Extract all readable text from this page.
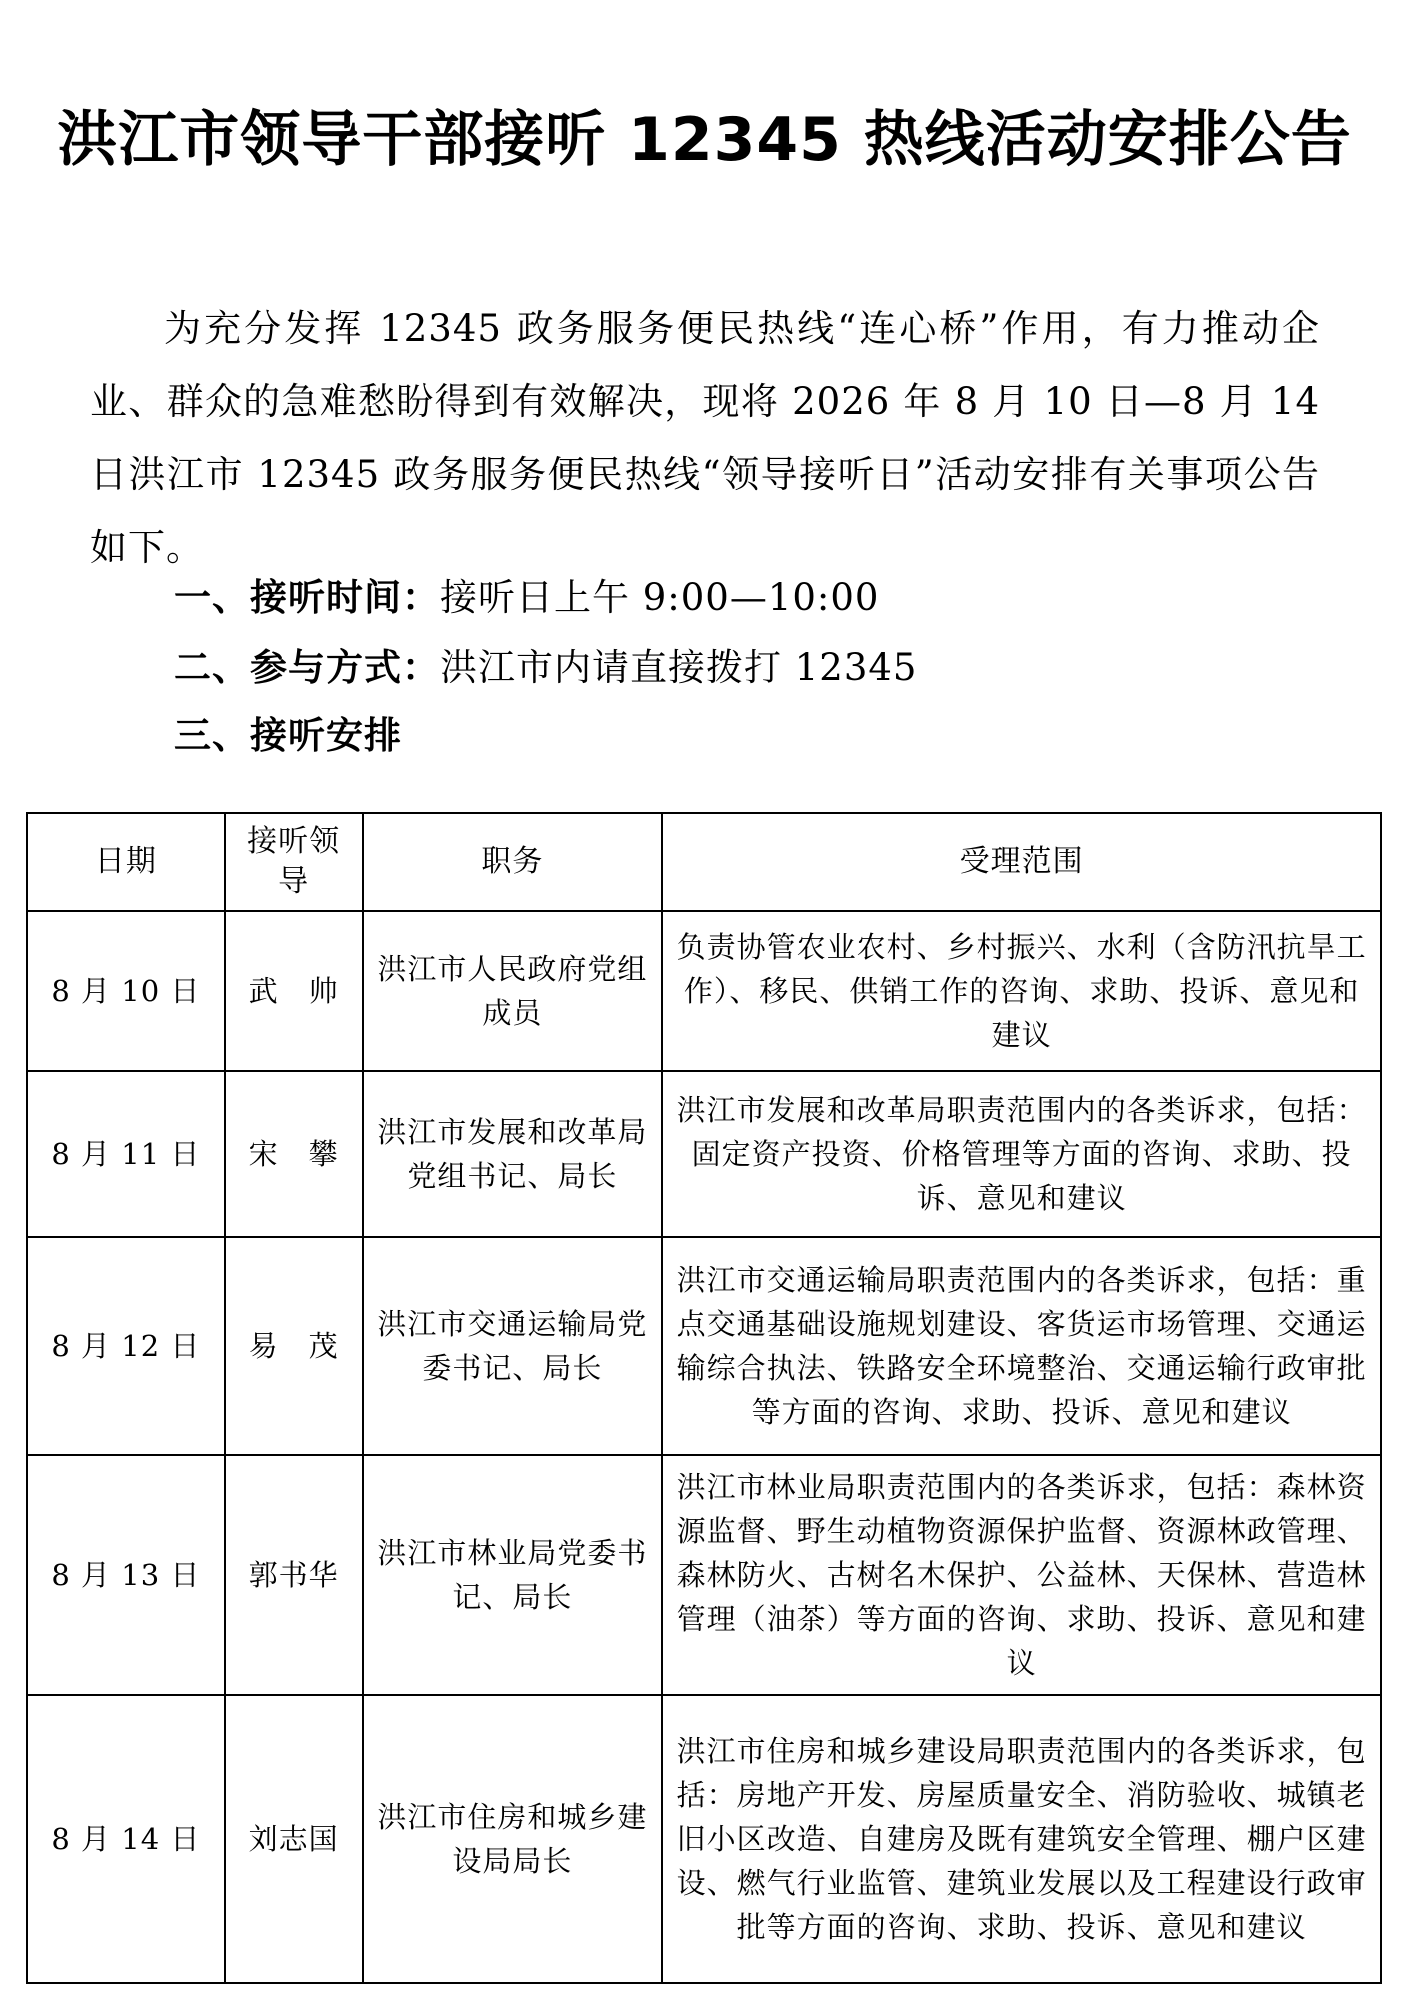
洪江市领导干部接听 12345 热线活动安排公告

为充分发挥 12345 政务服务便民热线“连心桥”作用，有力推动企业、群众的急难愁盼得到有效解决，现将 2026 年 8 月 10 日—8 月 14 日洪江市 12345 政务服务便民热线“领导接听日”活动安排有关事项公告如下。

一、接听时间：接听日上午 9:00—10:00
二、参与方式：洪江市内请直接拨打 12345
三、接听安排
日期	接听领导	职务	受理范围
8 月 10 日	武　帅	洪江市人民政府党组成员	负责协管农业农村、乡村振兴、水利（含防汛抗旱工作）、移民、供销工作的咨询、求助、投诉、意见和建议
8 月 11 日	宋　攀	洪江市发展和改革局党组书记、局长	洪江市发展和改革局职责范围内的各类诉求，包括：固定资产投资、价格管理等方面的咨询、求助、投诉、意见和建议
8 月 12 日	易　茂	洪江市交通运输局党委书记、局长	洪江市交通运输局职责范围内的各类诉求，包括：重点交通基础设施规划建设、客货运市场管理、交通运输综合执法、铁路安全环境整治、交通运输行政审批等方面的咨询、求助、投诉、意见和建议
8 月 13 日	郭书华	洪江市林业局党委书记、局长	洪江市林业局职责范围内的各类诉求，包括：森林资源监督、野生动植物资源保护监督、资源林政管理、森林防火、古树名木保护、公益林、天保林、营造林管理（油茶）等方面的咨询、求助、投诉、意见和建议
8 月 14 日	刘志国	洪江市住房和城乡建设局局长	洪江市住房和城乡建设局职责范围内的各类诉求，包括：房地产开发、房屋质量安全、消防验收、城镇老旧小区改造、自建房及既有建筑安全管理、棚户区建设、燃气行业监管、建筑业发展以及工程建设行政审批等方面的咨询、求助、投诉、意见和建议
